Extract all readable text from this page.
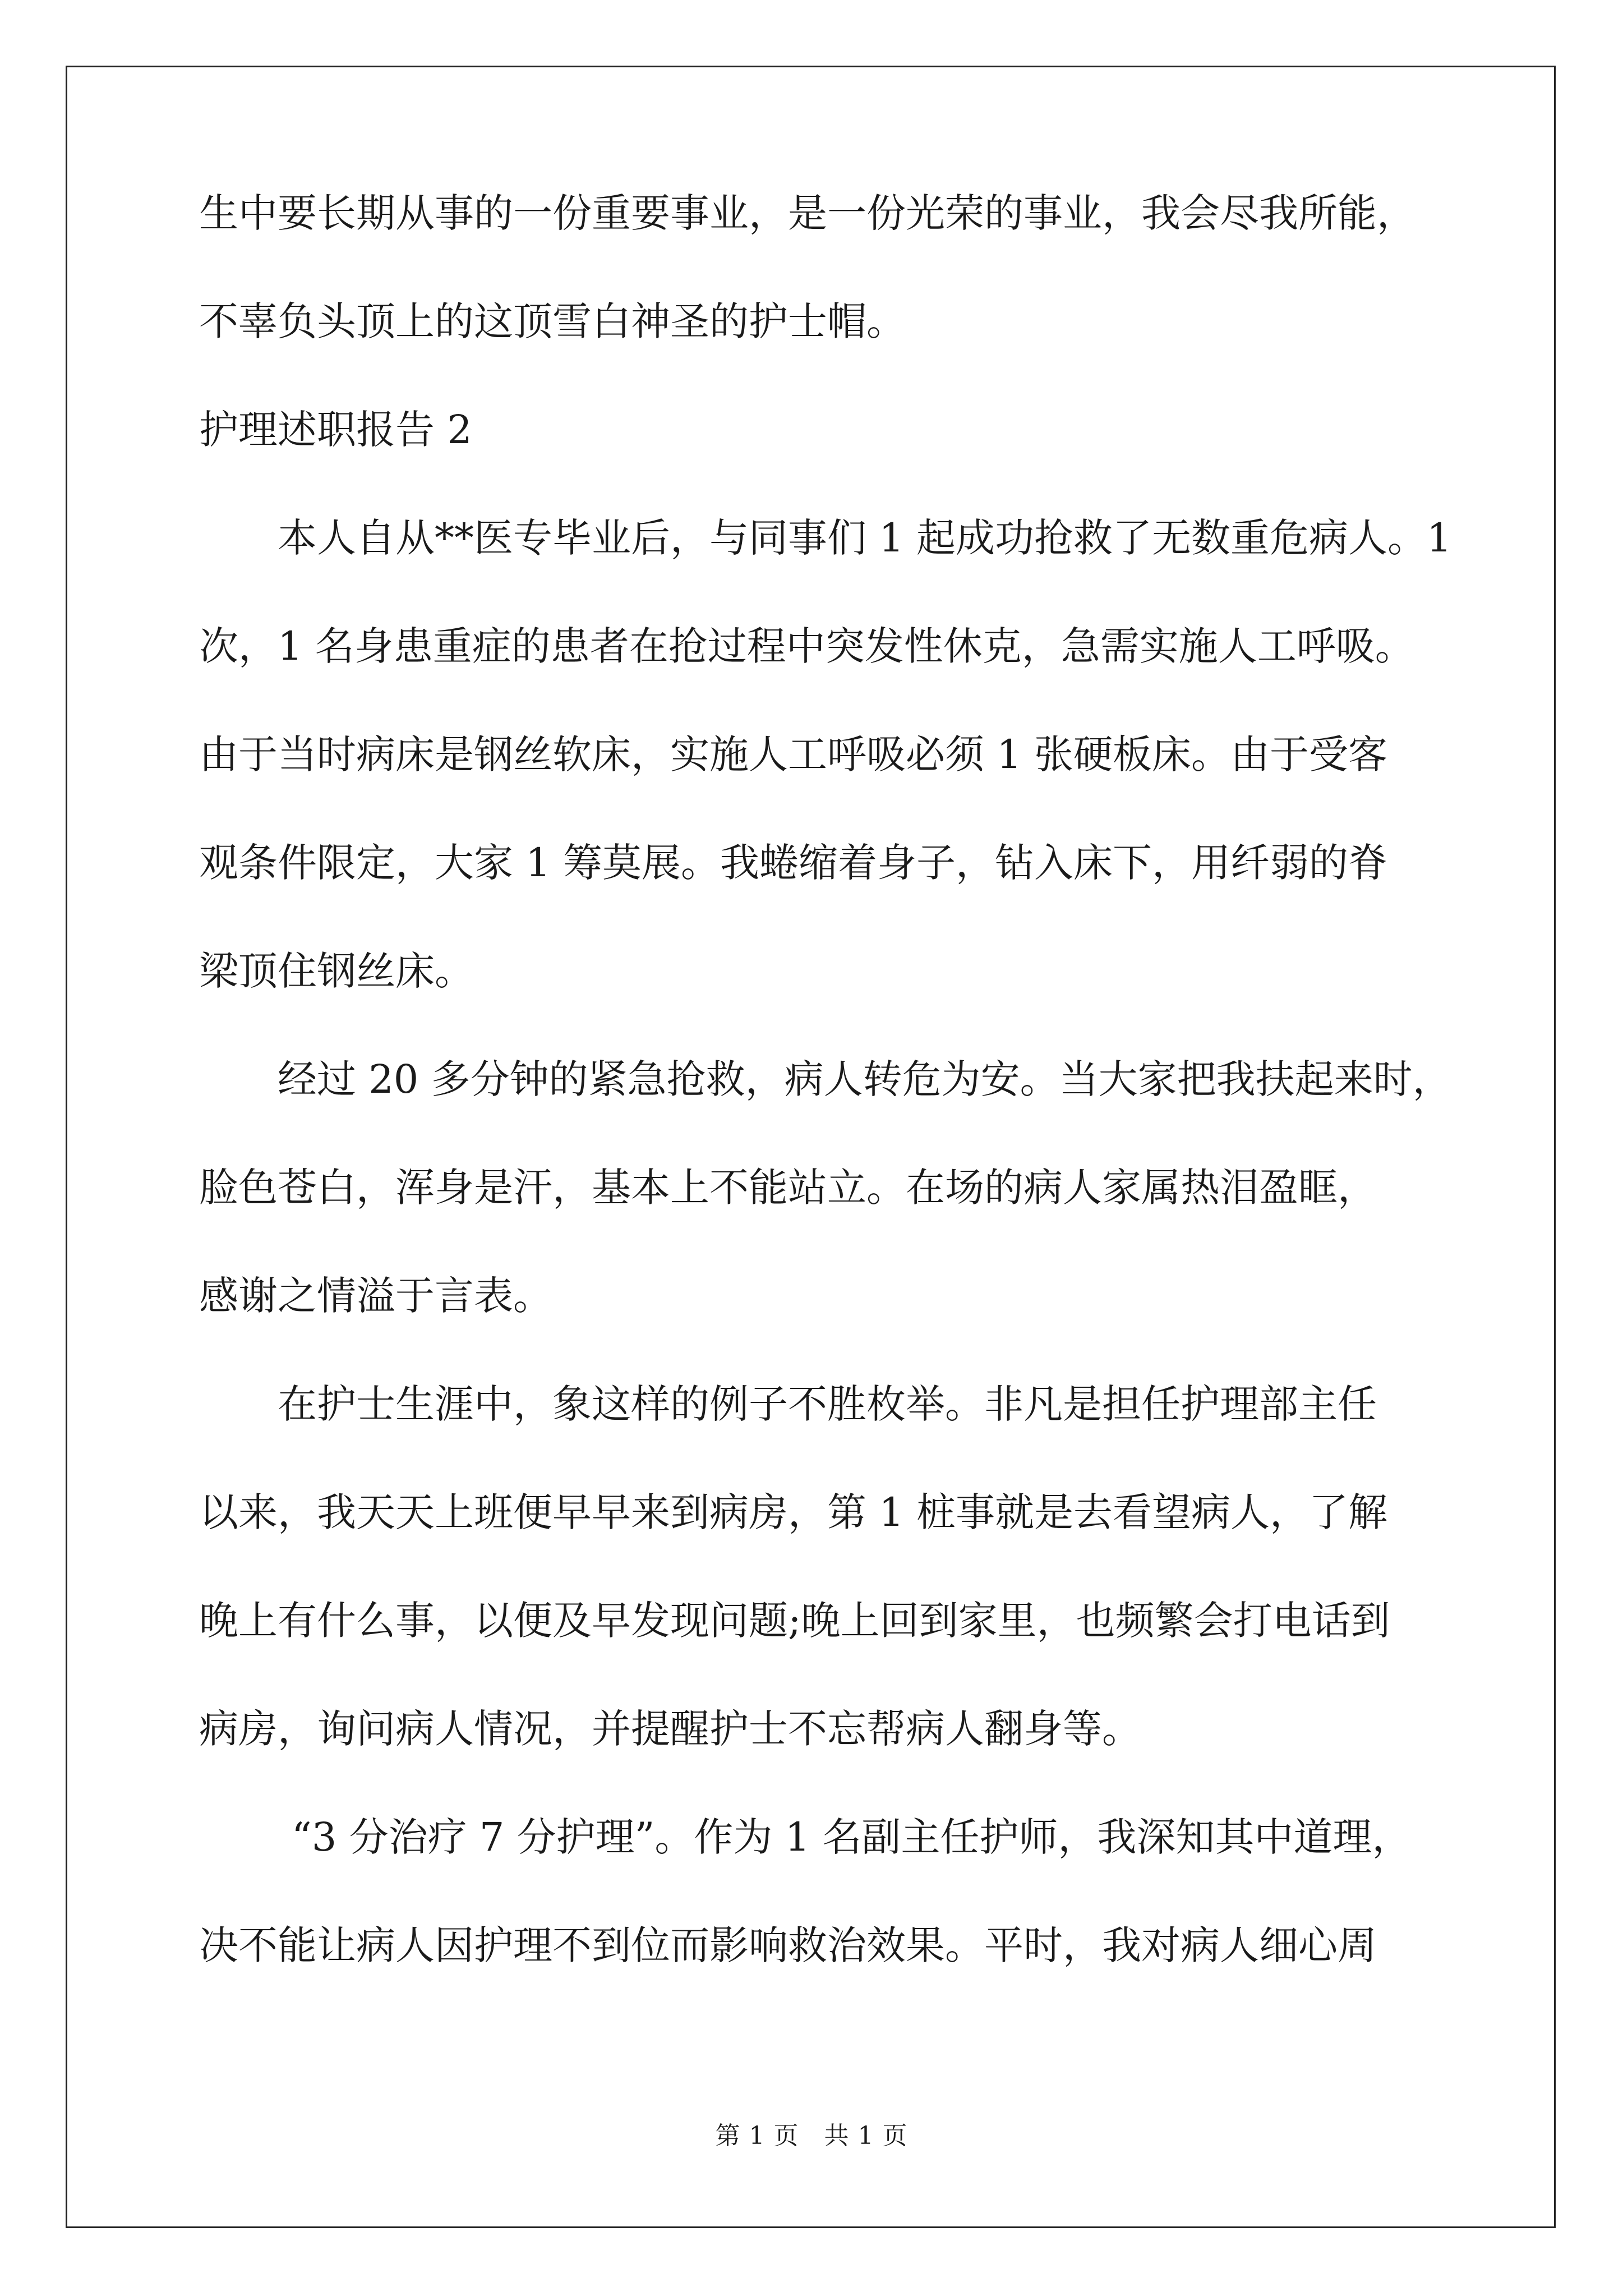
生中要长期从事的一份重要事业，是一份光荣的事业，我会尽我所能，
不辜负头顶上的这顶雪白神圣的护士帽。
护理述职报告 2
本人自从**医专毕业后，与同事们 1 起成功抢救了无数重危病人。1
次，1 名身患重症的患者在抢过程中突发性休克，急需实施人工呼吸。
由于当时病床是钢丝软床，实施人工呼吸必须 1 张硬板床。由于受客
观条件限定，大家 1 筹莫展。我蜷缩着身子，钻入床下，用纤弱的脊
梁顶住钢丝床。
经过 20 多分钟的紧急抢救，病人转危为安。当大家把我扶起来时，
脸色苍白，浑身是汗，基本上不能站立。在场的病人家属热泪盈眶，
感谢之情溢于言表。
在护士生涯中，象这样的例子不胜枚举。非凡是担任护理部主任
以来，我天天上班便早早来到病房，第 1 桩事就是去看望病人，了解
晚上有什么事，以便及早发现问题;晚上回到家里，也频繁会打电话到
病房，询问病人情况，并提醒护士不忘帮病人翻身等。
“3 分治疗 7 分护理”。作为 1 名副主任护师，我深知其中道理，
决不能让病人因护理不到位而影响救治效果。平时，我对病人细心周
第 1 页   共 1 页
